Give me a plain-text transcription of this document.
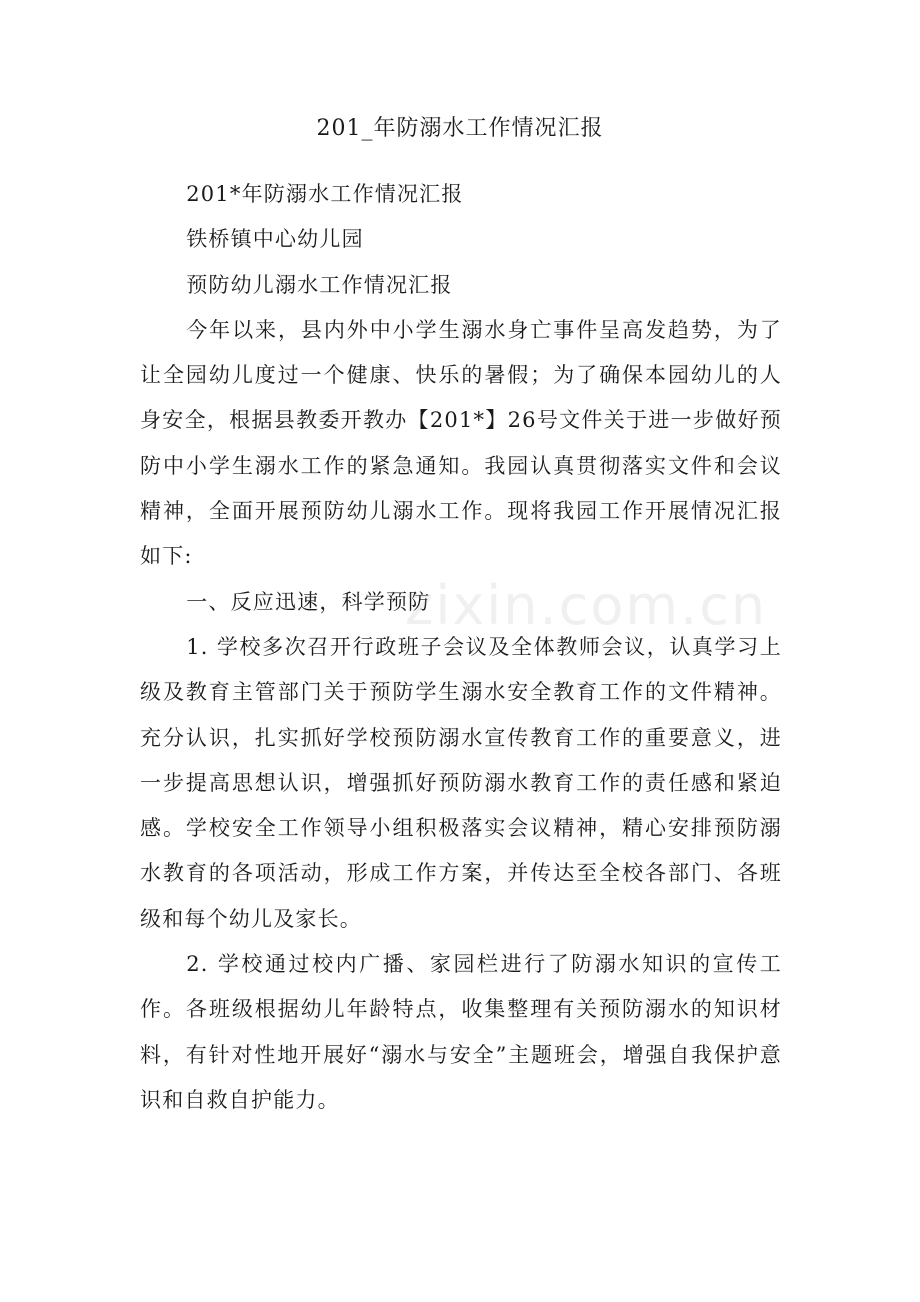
201_年防溺水工作情况汇报

201*年防溺水工作情况汇报

铁桥镇中心幼儿园

预防幼儿溺水工作情况汇报

今年以来，县内外中小学生溺水身亡事件呈高发趋势，为了让全园幼儿度过一个健康、快乐的暑假；为了确保本园幼儿的人身安全，根据县教委开教办【201*】26号文件关于进一步做好预防中小学生溺水工作的紧急通知。我园认真贯彻落实文件和会议精神，全面开展预防幼儿溺水工作。现将我园工作开展情况汇报如下:

一、反应迅速，科学预防

1. 学校多次召开行政班子会议及全体教师会议，认真学习上级及教育主管部门关于预防学生溺水安全教育工作的文件精神。充分认识，扎实抓好学校预防溺水宣传教育工作的重要意义，进一步提高思想认识，增强抓好预防溺水教育工作的责任感和紧迫感。学校安全工作领导小组积极落实会议精神，精心安排预防溺水教育的各项活动，形成工作方案，并传达至全校各部门、各班级和每个幼儿及家长。

2. 学校通过校内广播、家园栏进行了防溺水知识的宣传工作。各班级根据幼儿年龄特点，收集整理有关预防溺水的知识材料，有针对性地开展好“溺水与安全”主题班会，增强自我保护意识和自救自护能力。

zixin.com.cn
